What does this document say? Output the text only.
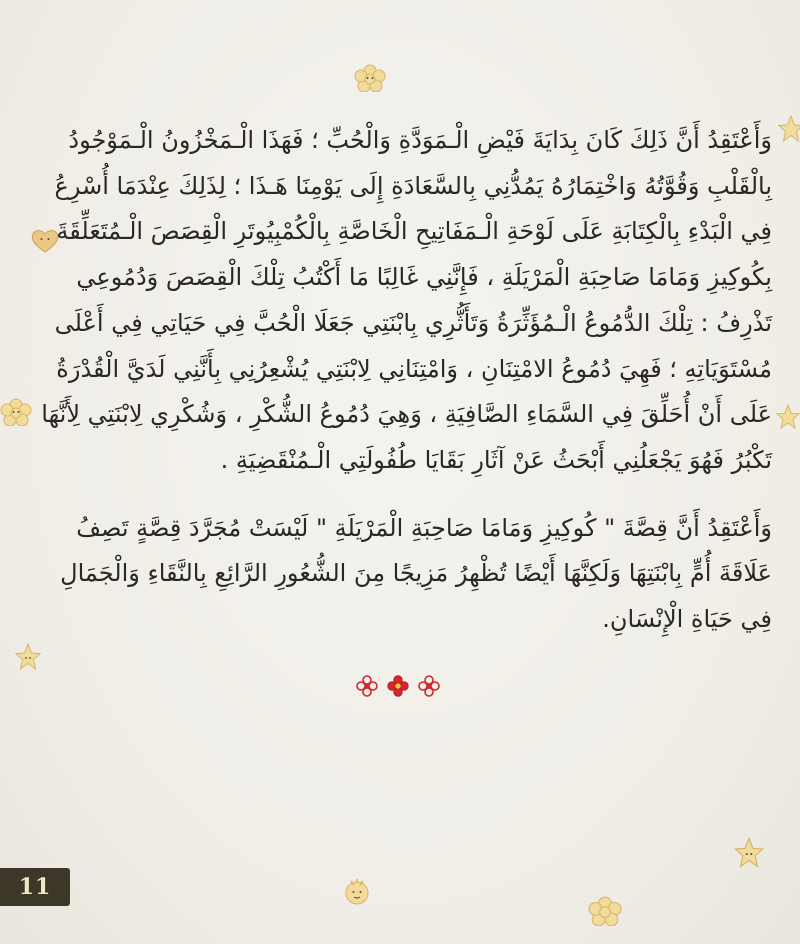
وَأَعْتَقِدُ أَنَّ ذَلِكَ كَانَ بِدَايَةَ فَيْضِ الْـمَوَدَّةِ وَالْحُبِّ ؛ فَهَذَا الْـمَخْزُونُ الْـمَوْجُودُ
بِالْقَلْبِ وَقُوَّتُهُ وَاخْتِمَارُهُ يَمُدُّنِي بِالسَّعَادَةِ إِلَى يَوْمِنَا هَـذَا ؛ لِذَلِكَ عِنْدَمَا أُسْرِعُ
فِي الْبَدْءِ بِالْكِتَابَةِ عَلَى لَوْحَةِ الْـمَفَاتِيحِ الْخَاصَّةِ بِالْكُمْبِيُوتَرِ الْقِصَصَ الْـمُتَعَلِّقَةَ
بِكُوكِيزِ وَمَامَا صَاحِبَةِ الْمَرْيَلَةِ ، فَإِنَّنِي غَالِبًا مَا أَكْتُبُ تِلْكَ الْقِصَصَ وَدُمُوعِي
تَذْرِفُ : تِلْكَ الدُّمُوعُ الْـمُؤَثِّرَةُ وَتَأَثُّرِي بِابْنَتِي جَعَلَا الْحُبَّ فِي حَيَاتِي فِي أَعْلَى
مُسْتَوَيَاتِهِ ؛ فَهِيَ دُمُوعُ الامْتِنَانِ ، وَامْتِنَانِي لِابْنَتِي يُشْعِرُنِي بِأَنَّنِي لَدَيَّ الْقُدْرَةُ
عَلَى أَنْ أُحَلِّقَ فِي السَّمَاءِ الصَّافِيَةِ ، وَهِيَ دُمُوعُ الشُّكْرِ ، وَشُكْرِي لِابْنَتِي لِأَنَّهَا
تَكْبُرُ فَهُوَ يَجْعَلُنِي أَبْحَثُ عَنْ آثَارِ بَقَايَا طُفُولَتِي الْـمُنْقَضِيَةِ .
وَأَعْتَقِدُ أَنَّ قِصَّةَ " كُوكِيزِ وَمَامَا صَاحِبَةِ الْمَرْيَلَةِ " لَيْسَتْ مُجَرَّدَ قِصَّةٍ تَصِفُ
عَلَاقَةَ أُمٍّ بِابْنَتِهَا وَلَكِنَّهَا أَيْضًا تُظْهِرُ مَزِيجًا مِنَ الشُّعُورِ الرَّائِعِ بِالنَّقَاءِ وَالْجَمَالِ
فِي حَيَاةِ الْإِنْسَانِ.
11
